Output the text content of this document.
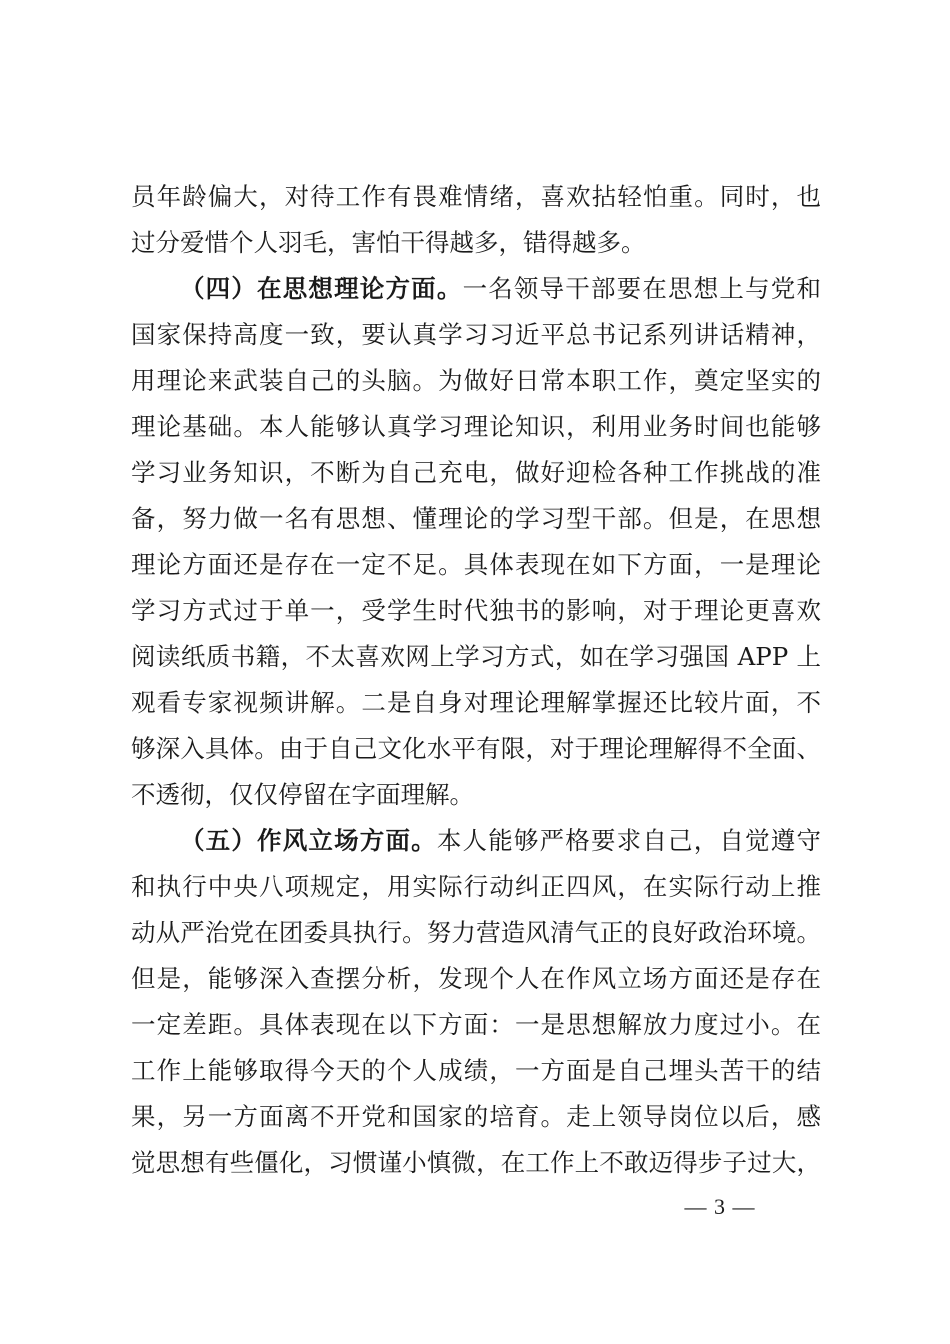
员年龄偏大，对待工作有畏难情绪，喜欢拈轻怕重。同时，也
过分爱惜个人羽毛，害怕干得越多，错得越多。
（四）在思想理论方面。一名领导干部要在思想上与党和
国家保持高度一致，要认真学习习近平总书记系列讲话精神，
用理论来武装自己的头脑。为做好日常本职工作，奠定坚实的
理论基础。本人能够认真学习理论知识，利用业务时间也能够
学习业务知识，不断为自己充电，做好迎检各种工作挑战的准
备，努力做一名有思想、懂理论的学习型干部。但是，在思想
理论方面还是存在一定不足。具体表现在如下方面，一是理论
学习方式过于单一，受学生时代独书的影响，对于理论更喜欢
阅读纸质书籍，不太喜欢网上学习方式，如在学习强国 APP 上
观看专家视频讲解。二是自身对理论理解掌握还比较片面，不
够深入具体。由于自己文化水平有限，对于理论理解得不全面、
不透彻，仅仅停留在字面理解。
（五）作风立场方面。本人能够严格要求自己，自觉遵守
和执行中央八项规定，用实际行动纠正四风，在实际行动上推
动从严治党在团委具执行。努力营造风清气正的良好政治环境。
但是，能够深入查摆分析，发现个人在作风立场方面还是存在
一定差距。具体表现在以下方面：一是思想解放力度过小。在
工作上能够取得今天的个人成绩，一方面是自己埋头苦干的结
果，另一方面离不开党和国家的培育。走上领导岗位以后，感
觉思想有些僵化，习惯谨小慎微，在工作上不敢迈得步子过大，
— 3 —
